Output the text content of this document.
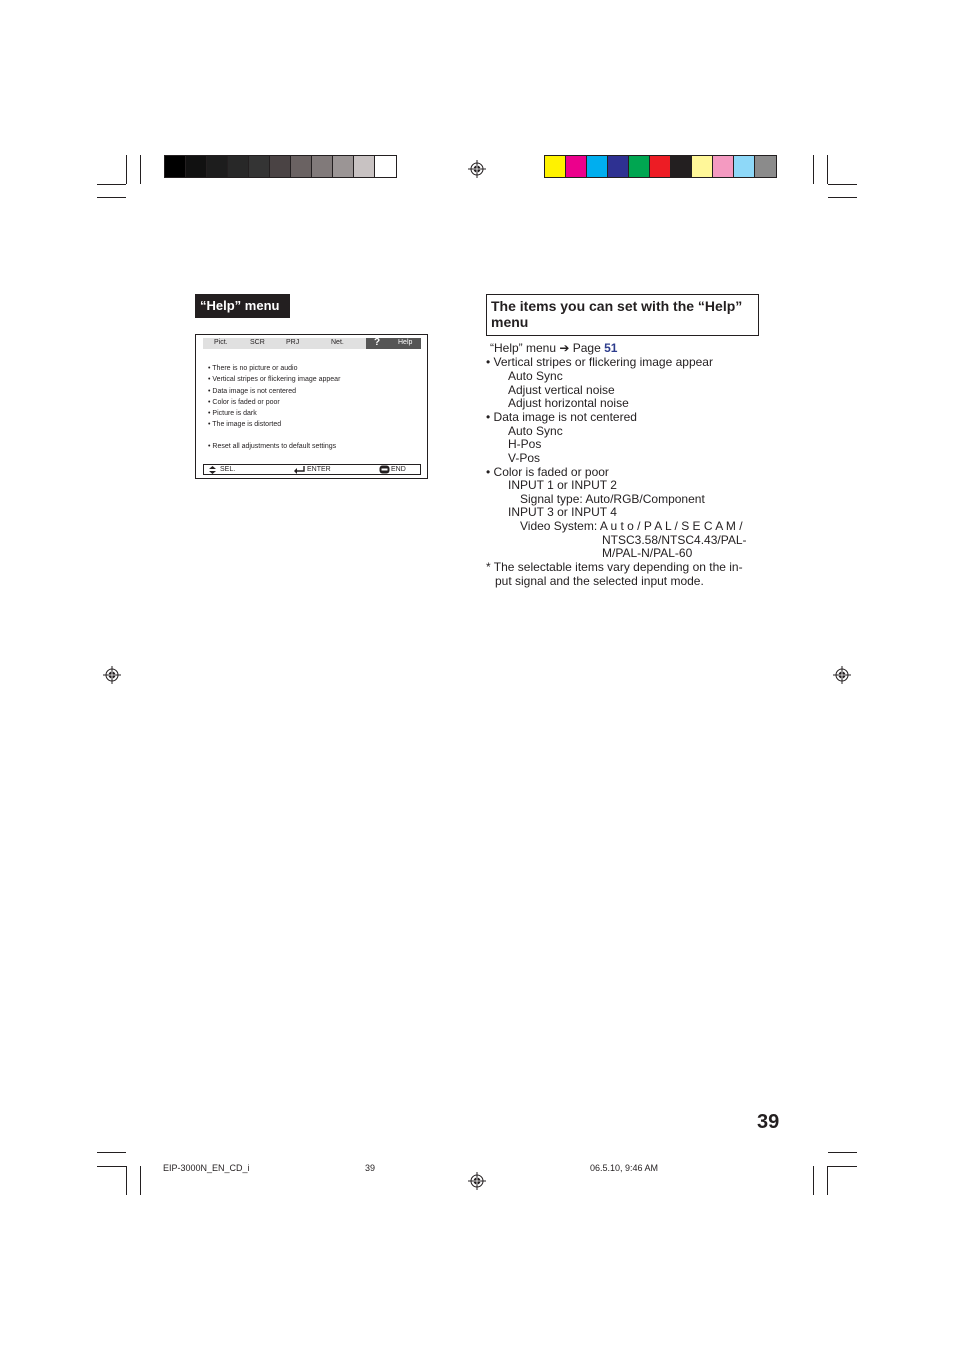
“Help” menu
Pict.	SCR	PRJ	Net.	?	Help
• There is no picture or audio
• Vertical stripes or flickering image appear
• Data image is not centered
• Color is faded or poor
• Picture is dark
• The image is distorted
• Reset all adjustments to default settings
SEL.	ENTER	END
The items you can set with the “Help”
menu
“Help” menu ➔ Page 51
• Vertical stripes or flickering image appear
Auto Sync
Adjust vertical noise
Adjust horizontal noise
• Data image is not centered
Auto Sync
H-Pos
V-Pos
• Color is faded or poor
INPUT 1 or INPUT 2
Signal type: Auto/RGB/Component
INPUT 3 or INPUT 4
Video System: A u t o / P A L / S E C A M /
NTSC3.58/NTSC4.43/PAL-
M/PAL-N/PAL-60
* The selectable items vary depending on the in-
put signal and the selected input mode.
39
EIP-3000N_EN_CD_i	39	06.5.10, 9:46 AM
